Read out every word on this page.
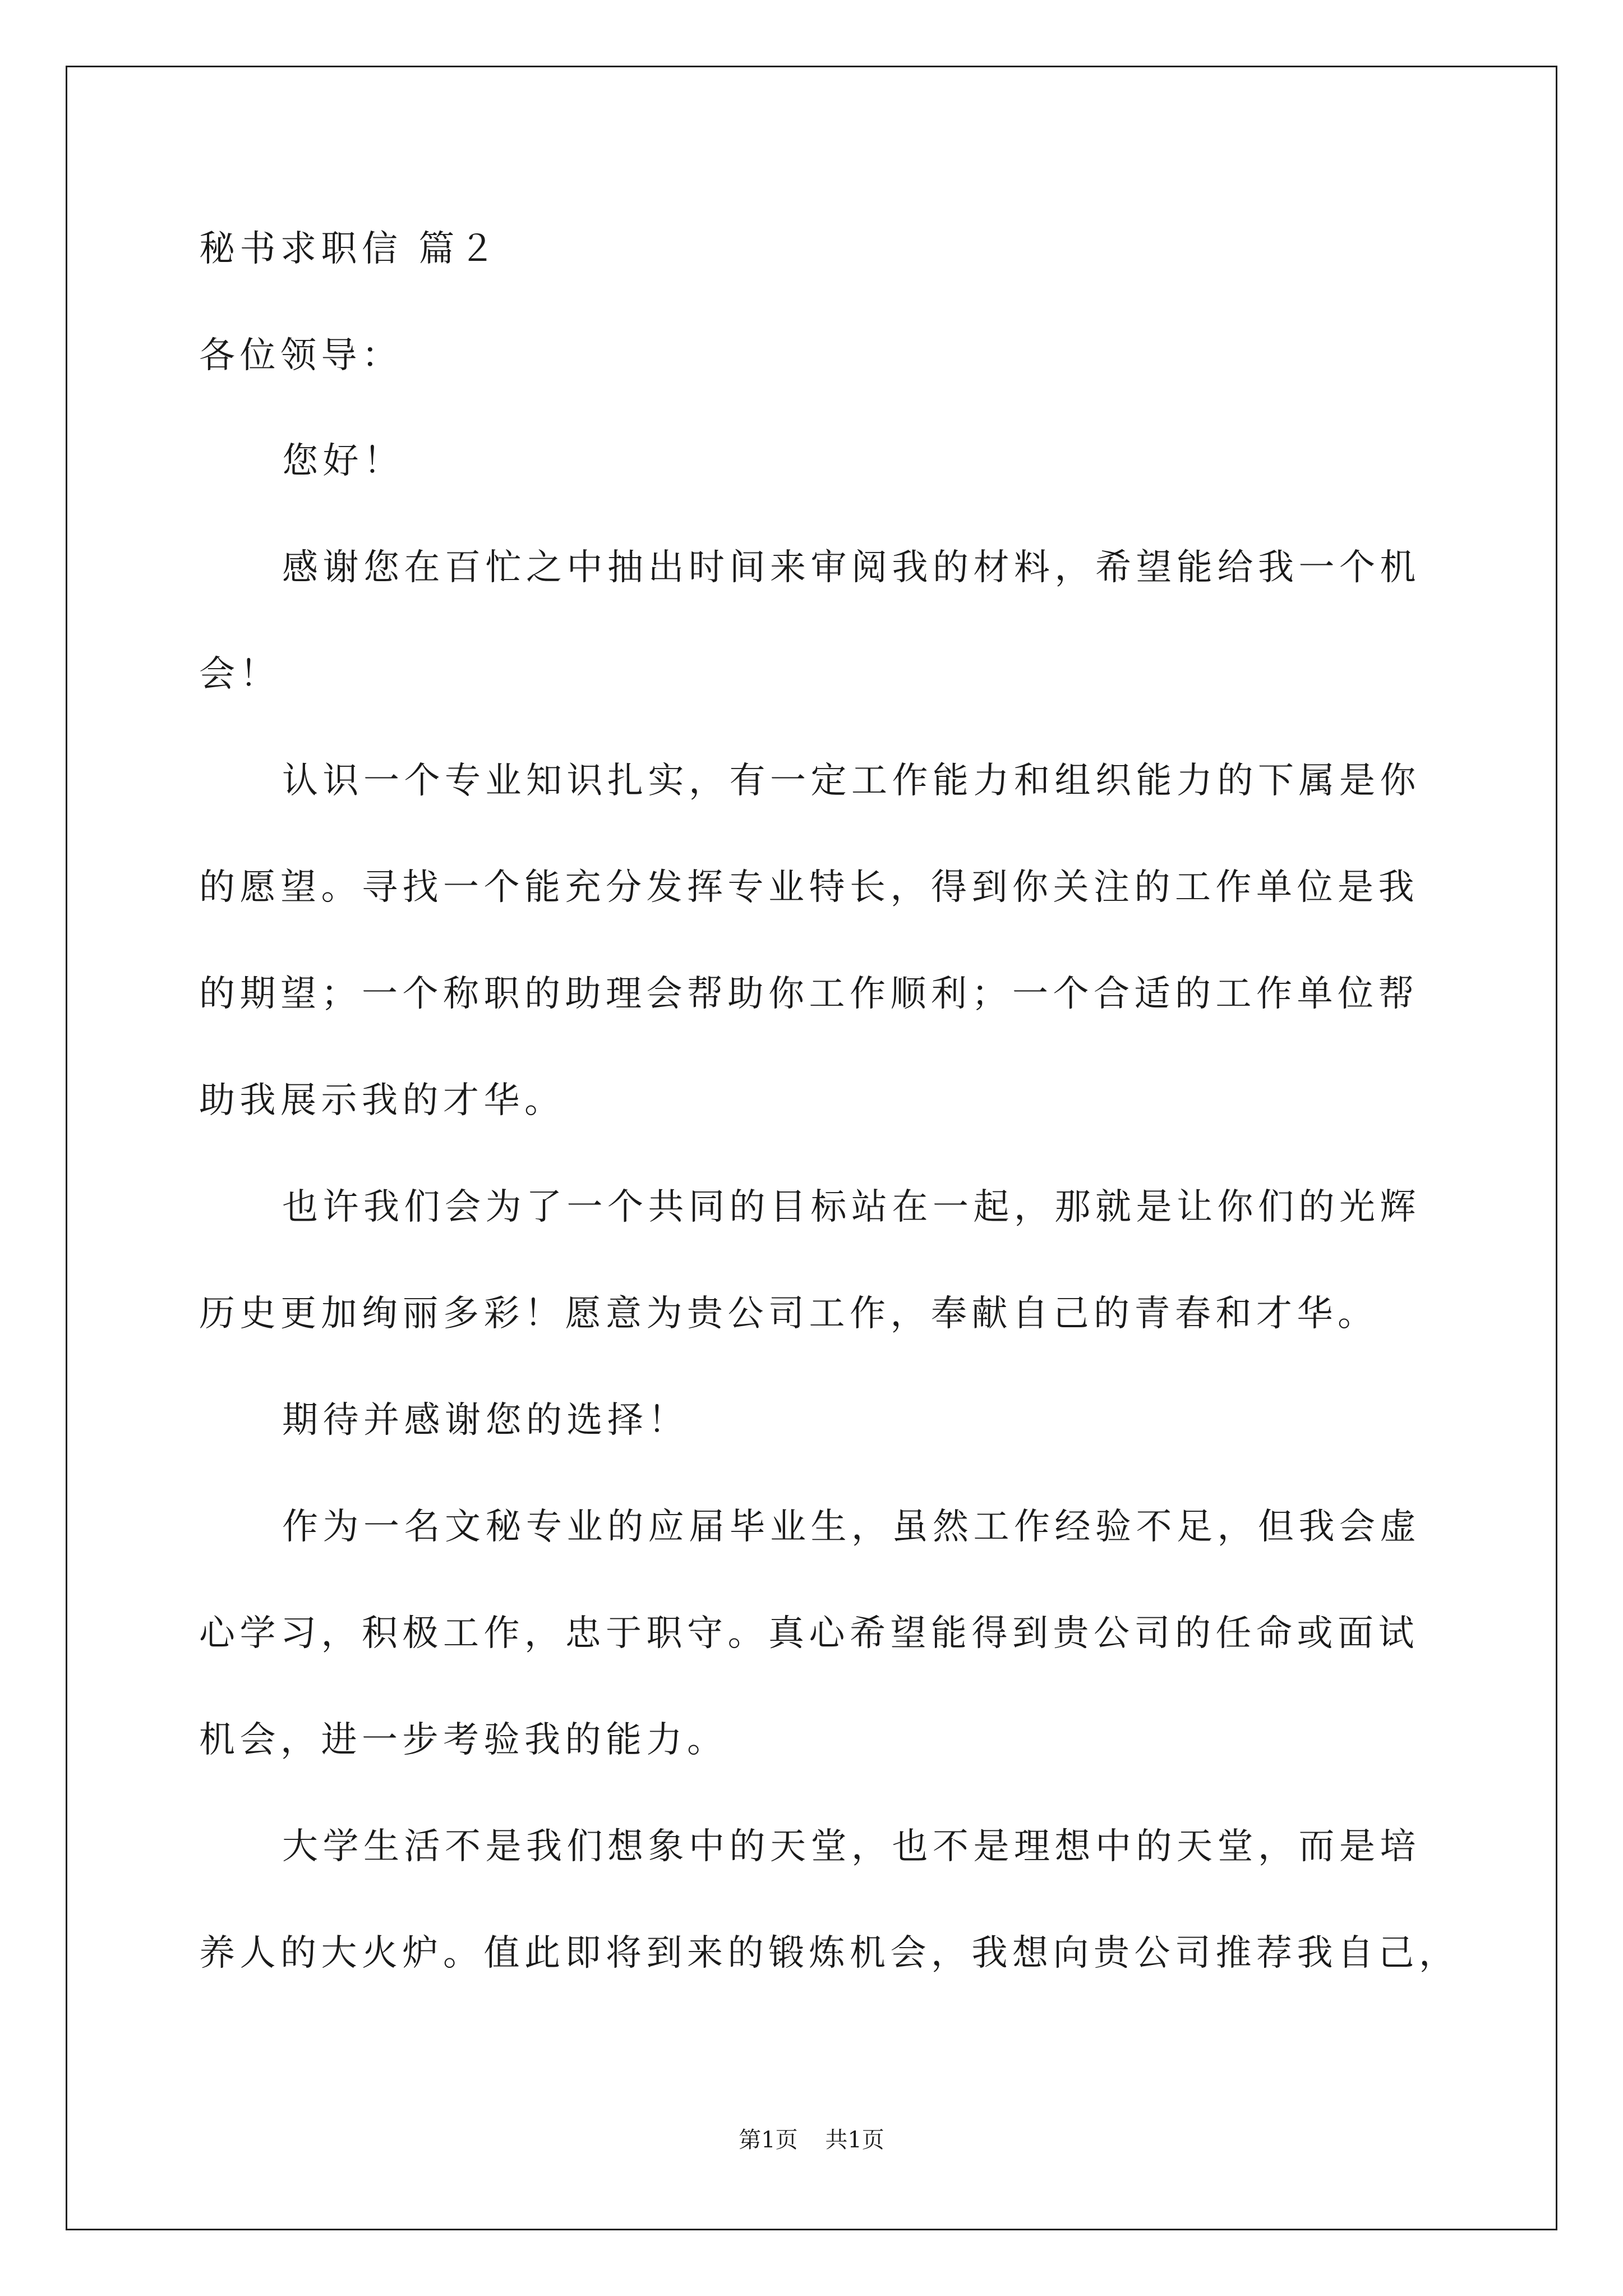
秘书求职信 篇２
各位领导：
您好！
感谢您在百忙之中抽出时间来审阅我的材料，希望能给我一个机
会！
认识一个专业知识扎实，有一定工作能力和组织能力的下属是你
的愿望。寻找一个能充分发挥专业特长，得到你关注的工作单位是我
的期望；一个称职的助理会帮助你工作顺利；一个合适的工作单位帮
助我展示我的才华。
也许我们会为了一个共同的目标站在一起，那就是让你们的光辉
历史更加绚丽多彩！愿意为贵公司工作，奉献自己的青春和才华。
期待并感谢您的选择！
作为一名文秘专业的应届毕业生，虽然工作经验不足，但我会虚
心学习，积极工作，忠于职守。真心希望能得到贵公司的任命或面试
机会，进一步考验我的能力。
大学生活不是我们想象中的天堂，也不是理想中的天堂，而是培
养人的大火炉。值此即将到来的锻炼机会，我想向贵公司推荐我自己，
第1页 共1页
